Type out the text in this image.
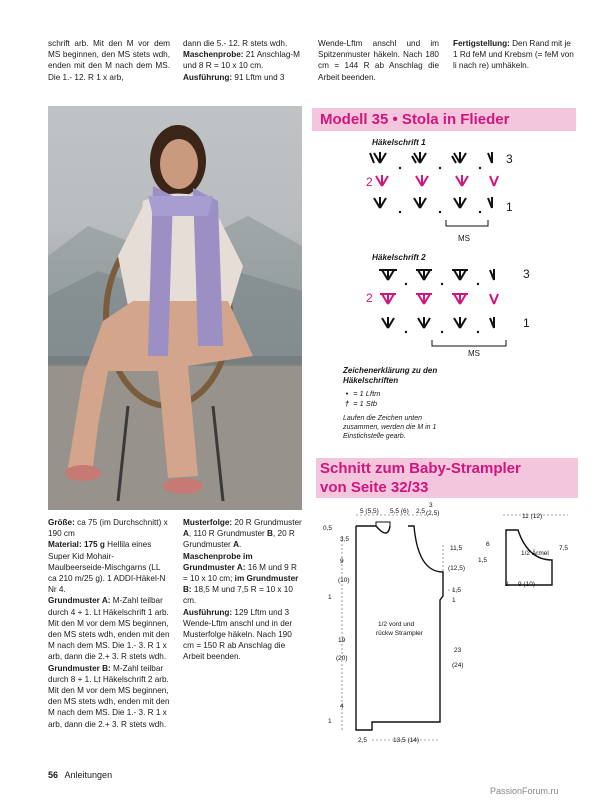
schrift arb. Mit den M vor dem MS beginnen, den MS stets wdh, enden mit den M nach dem MS. Die 1.- 12. R 1 x arb,
dann die 5.- 12. R stets wdh.
Maschenprobe: 21 Anschlag-M und 8 R = 10 x 10 cm.
Ausführung: 91 Lftm und 3
Wende-Lftm anschl und im Spitzenmuster häkeln. Nach 180 cm = 144 R ab Anschlag die Arbeit beenden.
Fertigstellung: Den Rand mit je 1 Rd feM und Krebsm (= feM von li nach re) umhäkeln.
Modell 35 • Stola in Flieder
Häkelschrift 1
3
2
1
MS
Häkelschrift 2
3
2
1
MS
Zeichenerklärung zu den Häkelschriften
• = 1 Lftm
† = 1 Stb
Laufen die Zeichen unten zusammen, werden die M in 1 Einstichstelle gearb.
Größe: ca 75 (im Durchschnitt) x 190 cm
Material: 175 g Hellila eines Super Kid Mohair-Maulbeerseide-Mischgarns (LL ca 210 m/25 g). 1 ADDI-Häkel-N Nr 4.
Grundmuster A: M-Zahl teilbar durch 4 + 1. Lt Häkelschrift 1 arb. Mit den M vor dem MS beginnen, den MS stets wdh, enden mit den M nach dem MS. Die 1.- 3. R 1 x arb, dann die 2.+ 3. R stets wdh.
Grundmuster B: M-Zahl teilbar durch 8 + 1. Lt Häkelschrift 2 arb. Mit den M vor dem MS beginnen, den MS stets wdh, enden mit den M nach dem MS. Die 1.- 3. R 1 x arb, dann die 2.+ 3. R stets wdh.
Musterfolge: 20 R Grundmuster A, 110 R Grundmuster B, 20 R Grundmuster A.
Maschenprobe im Grundmuster A: 16 M und 9 R = 10 x 10 cm; im Grundmuster B: 18,5 M und 7,5 R = 10 x 10 cm.
Ausführung: 129 Lftm und 3 Wende-Lftm anschl und in der Musterfolge häkeln. Nach 190 cm = 150 R ab Anschlag die Arbeit beenden.
Schnitt zum Baby-Strampler
von Seite 32/33
5 (5,5) 5,5 (6) 2,5
3
(2,5)
0,5
3,5
9
(10)
1
19
(20)
4
1
11,5
(12,5)
1,5
1
23
(24)
2,5	13,5 (14)
1/2 vord und
rückw Strampler
11 (12)
6
1,5
7,5
1/2 Ärmel
2 9 (10)
56 Anleitungen
PassionForum.ru
